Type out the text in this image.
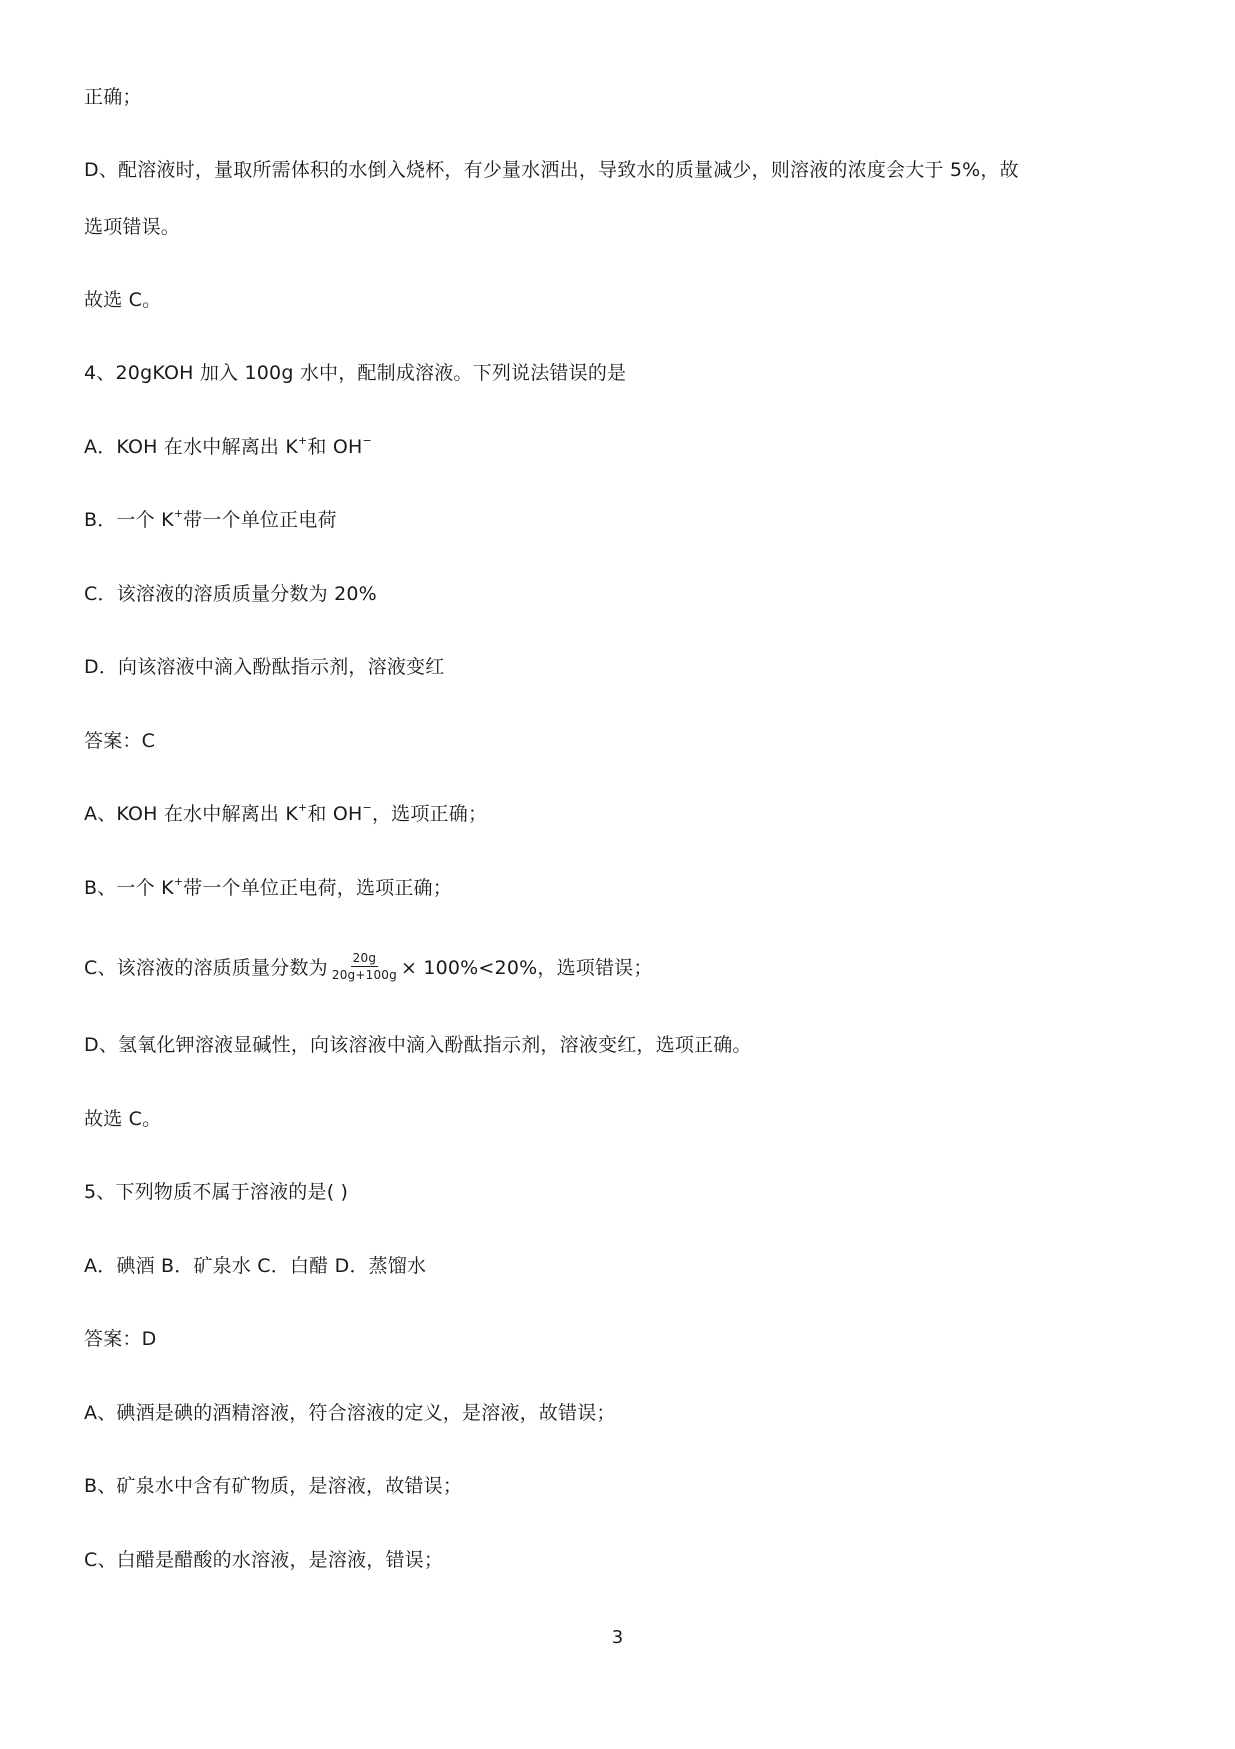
正确；
D、配溶液时，量取所需体积的水倒入烧杯，有少量水洒出，导致水的质量减少，则溶液的浓度会大于 5%，故
选项错误。
故选 C。
4、20gKOH 加入 100g 水中，配制成溶液。下列说法错误的是
A．KOH 在水中解离出 K+和 OH−
B．一个 K+带一个单位正电荷
C．该溶液的溶质质量分数为 20%
D．向该溶液中滴入酚酞指示剂，溶液变红
答案：C
A、KOH 在水中解离出 K+和 OH−，选项正确；
B、一个 K+带一个单位正电荷，选项正确；
C、该溶液的溶质质量分数为 $\frac{20g}{20g+100g} \times 100\%<20\%$，选项错误；
D、氢氧化钾溶液显碱性，向该溶液中滴入酚酞指示剂，溶液变红，选项正确。
故选 C。
5、下列物质不属于溶液的是( )
A．碘酒 B．矿泉水 C．白醋 D．蒸馏水
答案：D
A、碘酒是碘的酒精溶液，符合溶液的定义，是溶液，故错误；
B、矿泉水中含有矿物质，是溶液，故错误；
C、白醋是醋酸的水溶液，是溶液，错误；
3
